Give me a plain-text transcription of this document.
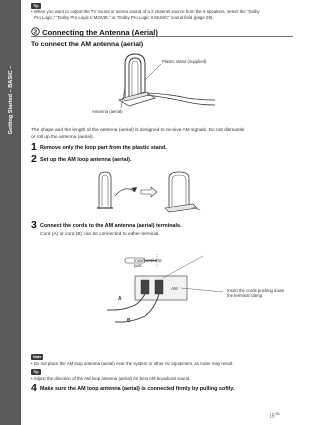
Getting Started – BASIC –
Tip
• When you want to output the TV sound or stereo sound of a 2 channel source from the 6 speakers, select the “Dolby
Pro Logic,” “Dolby Pro Logic II MOVIE,” or “Dolby Pro Logic II MUSIC” sound field (page 29).
2 Connecting the Antenna (Aerial)
To connect the AM antenna (aerial)
Plastic stand (supplied)
Antenna (aerial)
The shape and the length of the antenna (aerial) is designed to receive AM signals. Do not dismantle
or roll up the antenna (aerial).
1 Remove only the loop part from the plastic stand.
2 Set up the AM loop antenna (aerial).
3 Connect the cords to the AM antenna (aerial) terminals.
Cord (A) or cord (B) can be connected to either terminal.
AM
Insert until this part.
Insert the cords pushing down the terminal clamp.
A
B
Note
• Do not place the AM loop antenna (aerial) near the system or other AV equipment, as noise may result.
Tip
• Adjust the direction of the AM loop antenna (aerial) for best AM broadcast sound.
4 Make sure the AM loop antenna (aerial) is connected firmly by pulling softly.
$15^{GB}$
